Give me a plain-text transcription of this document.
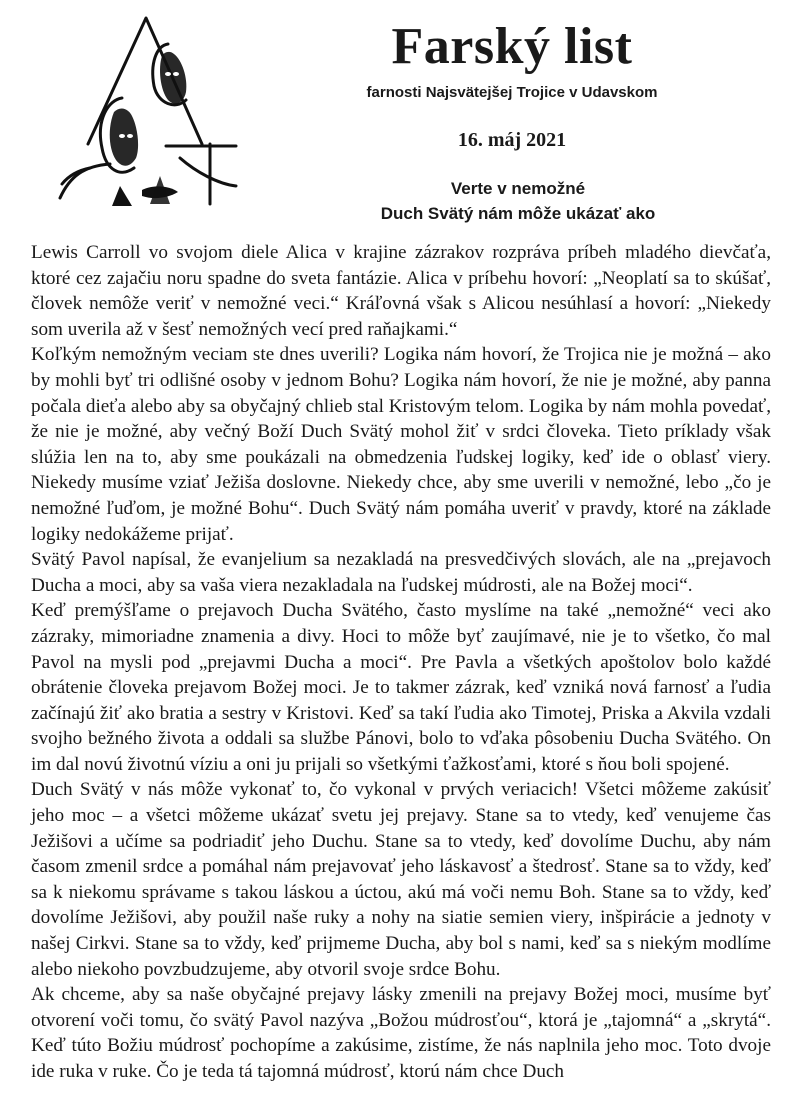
Farský list
farnosti Najsvätejšej Trojice v Udavskom
16. máj 2021
Verte v nemožné
Duch Svätý nám môže ukázať ako

Lewis Carroll vo svojom diele Alica v krajine zázrakov rozpráva príbeh mladého dievčaťa, ktoré cez zajačiu noru spadne do sveta fantázie. Alica v príbehu hovorí: „Neoplatí sa to skúšať, človek nemôže veriť v nemožné veci.“ Kráľovná však s Alicou nesúhlasí a hovorí: „Niekedy som uverila až v šesť nemožných vecí pred raňajkami.“

Koľkým nemožným veciam ste dnes uverili? Logika nám hovorí, že Trojica nie je možná – ako by mohli byť tri odlišné osoby v jednom Bohu? Logika nám hovorí, že nie je možné, aby panna počala dieťa alebo aby sa obyčajný chlieb stal Kristovým telom. Logika by nám mohla povedať, že nie je možné, aby večný Boží Duch Svätý mohol žiť v srdci človeka. Tieto príklady však slúžia len na to, aby sme poukázali na obmedzenia ľudskej logiky, keď ide o oblasť viery. Niekedy musíme vziať Ježiša doslovne. Niekedy chce, aby sme uverili v nemožné, lebo „čo je nemožné ľuďom, je možné Bohu“. Duch Svätý nám pomáha uveriť v pravdy, ktoré na základe logiky nedokážeme prijať.

Svätý Pavol napísal, že evanjelium sa nezakladá na presvedčivých slovách, ale na „prejavoch Ducha a moci, aby sa vaša viera nezakladala na ľudskej múdrosti, ale na Božej moci“.

Keď premýšľame o prejavoch Ducha Svätého, často myslíme na také „nemožné“ veci ako zázraky, mimoriadne znamenia a divy. Hoci to môže byť zaujímavé, nie je to všetko, čo mal Pavol na mysli pod „prejavmi Ducha a moci“. Pre Pavla a všetkých apoštolov bolo každé obrátenie človeka prejavom Božej moci. Je to takmer zázrak, keď vzniká nová farnosť a ľudia začínajú žiť ako bratia a sestry v Kristovi. Keď sa takí ľudia ako Timotej, Priska a Akvila vzdali svojho bežného života a oddali sa službe Pánovi, bolo to vďaka pôsobeniu Ducha Svätého. On im dal novú životnú víziu a oni ju prijali so všetkými ťažkosťami, ktoré s ňou boli spojené.

Duch Svätý v nás môže vykonať to, čo vykonal v prvých veriacich! Všetci môžeme zakúsiť jeho moc – a všetci môžeme ukázať svetu jej prejavy. Stane sa to vtedy, keď venujeme čas Ježišovi a učíme sa podriadiť jeho Duchu. Stane sa to vtedy, keď dovolíme Duchu, aby nám časom zmenil srdce a pomáhal nám prejavovať jeho láskavosť a štedrosť. Stane sa to vždy, keď sa k niekomu správame s takou láskou a úctou, akú má voči nemu Boh. Stane sa to vždy, keď dovolíme Ježišovi, aby použil naše ruky a nohy na siatie semien viery, inšpirácie a jednoty v našej Cirkvi. Stane sa to vždy, keď prijmeme Ducha, aby bol s nami, keď sa s niekým modlíme alebo niekoho povzbudzujeme, aby otvoril svoje srdce Bohu.

Ak chceme, aby sa naše obyčajné prejavy lásky zmenili na prejavy Božej moci, musíme byť otvorení voči tomu, čo svätý Pavol nazýva „Božou múdrosťou“, ktorá je „tajomná“ a „skrytá“. Keď túto Božiu múdrosť pochopíme a zakúsime, zistíme, že nás naplnila jeho moc. Toto dvoje ide ruka v ruke. Čo je teda tá tajomná múdrosť, ktorú nám chce Duch
